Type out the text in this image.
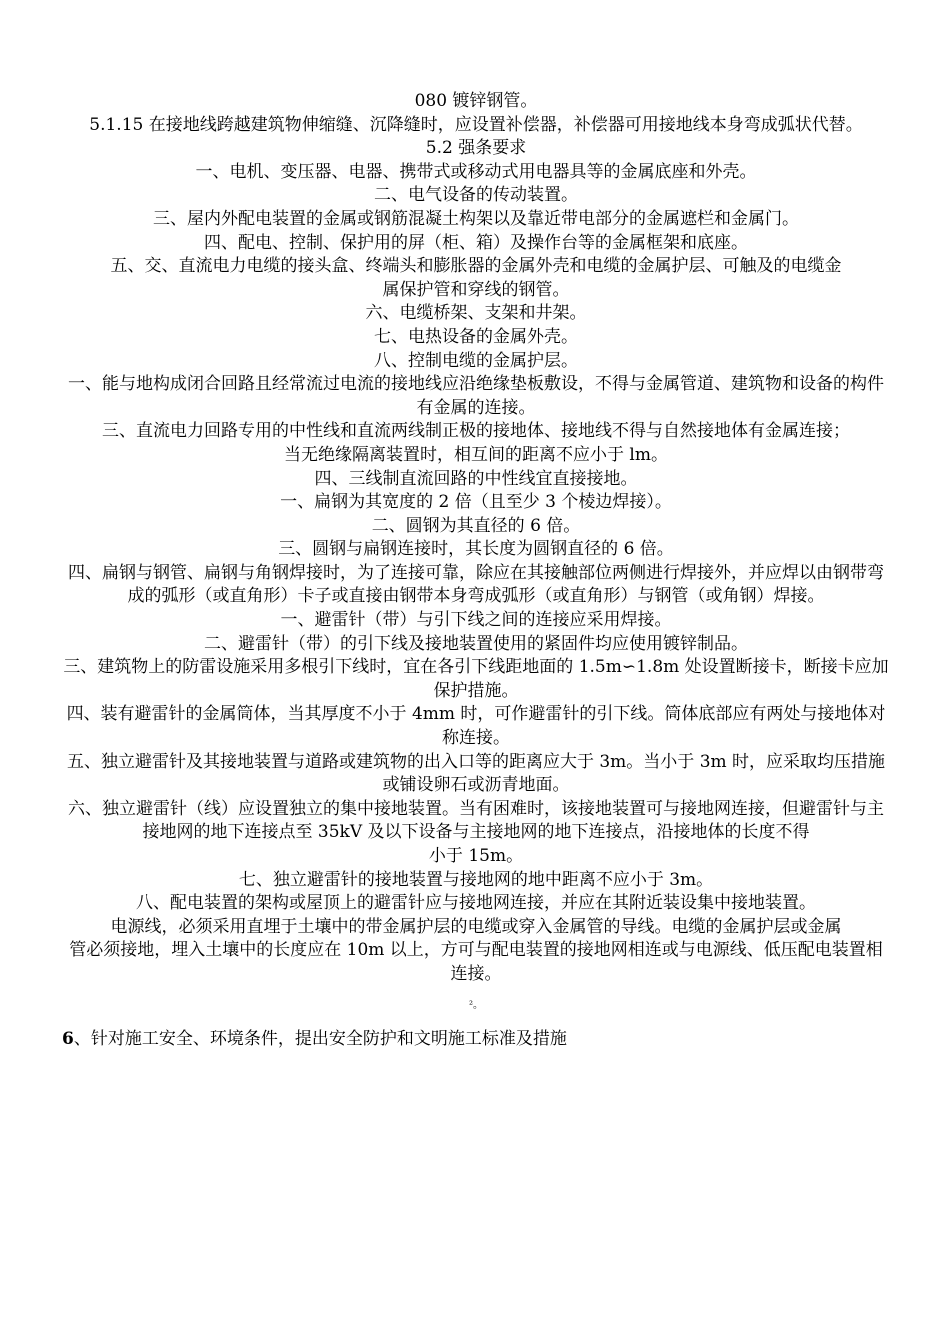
080 镀锌钢管。
5.1.15 在接地线跨越建筑物伸缩缝、沉降缝时，应设置补偿器，补偿器可用接地线本身弯成弧状代替。
5.2 强条要求
一、电机、变压器、电器、携带式或移动式用电器具等的金属底座和外壳。
二、电气设备的传动装置。
三、屋内外配电装置的金属或钢筋混凝土构架以及靠近带电部分的金属遮栏和金属门。
四、配电、控制、保护用的屏（柜、箱）及操作台等的金属框架和底座。
五、交、直流电力电缆的接头盒、终端头和膨胀器的金属外壳和电缆的金属护层、可触及的电缆金
属保护管和穿线的钢管。
六、电缆桥架、支架和井架。
七、电热设备的金属外壳。
八、控制电缆的金属护层。
一、能与地构成闭合回路且经常流过电流的接地线应沿绝缘垫板敷设，不得与金属管道、建筑物和设备的构件有金属的连接。
三、直流电力回路专用的中性线和直流两线制正极的接地体、接地线不得与自然接地体有金属连接；
当无绝缘隔离装置时，相互间的距离不应小于 lm。
四、三线制直流回路的中性线宜直接接地。
一、扁钢为其宽度的 2 倍（且至少 3 个棱边焊接）。
二、圆钢为其直径的 6 倍。
三、圆钢与扁钢连接时，其长度为圆钢直径的 6 倍。
四、扁钢与钢管、扁钢与角钢焊接时，为了连接可靠，除应在其接触部位两侧进行焊接外，并应焊以由钢带弯成的弧形（或直角形）卡子或直接由钢带本身弯成弧形（或直角形）与钢管（或角钢）焊接。
一、避雷针（带）与引下线之间的连接应采用焊接。
二、避雷针（带）的引下线及接地装置使用的紧固件均应使用镀锌制品。
三、建筑物上的防雷设施采用多根引下线时，宜在各引下线距地面的 1.5m∽1.8m 处设置断接卡，断接卡应加保护措施。
四、装有避雷针的金属筒体，当其厚度不小于 4mm 时，可作避雷针的引下线。筒体底部应有两处与接地体对称连接。
五、独立避雷针及其接地装置与道路或建筑物的出入口等的距离应大于 3m。当小于 3m 时，应采取均压措施或铺设卵石或沥青地面。
六、独立避雷针（线）应设置独立的集中接地装置。当有困难时，该接地装置可与接地网连接，但避雷针与主接地网的地下连接点至 35kV 及以下设备与主接地网的地下连接点，沿接地体的长度不得
小于 15m。
七、独立避雷针的接地装置与接地网的地中距离不应小于 3m。
八、配电装置的架构或屋顶上的避雷针应与接地网连接，并应在其附近装设集中接地装置。
电源线，必须采用直埋于土壤中的带金属护层的电缆或穿入金属管的导线。电缆的金属护层或金属
管必须接地，埋入土壤中的长度应在 10m 以上，方可与配电装置的接地网相连或与电源线、低压配电装置相连接。
²。
6、针对施工安全、环境条件，提出安全防护和文明施工标准及措施
